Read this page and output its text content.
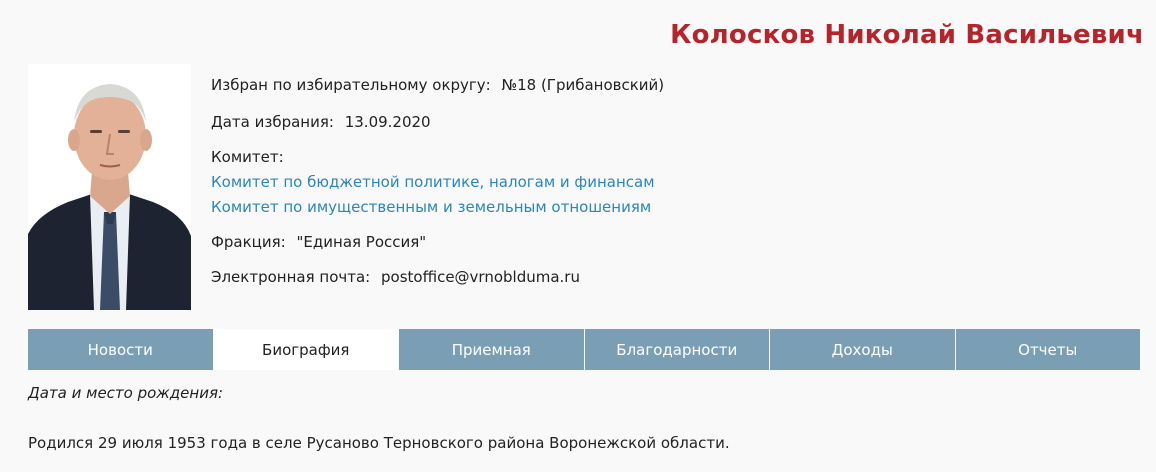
Колосков Николай Васильевич
Избран по избирательному округу: №18 (Грибановский)
Дата избрания: 13.09.2020
Комитет:
Комитет по бюджетной политике, налогам и финансам
Комитет по имущественным и земельным отношениям
Фракция: "Единая Россия"
Электронная почта: postoffice@vrnoblduma.ru
Новости	Биография	Приемная	Благодарности	Доходы	Отчеты
Дата и место рождения:
Родился 29 июля 1953 года в селе Русаново Терновского района Воронежской области.
